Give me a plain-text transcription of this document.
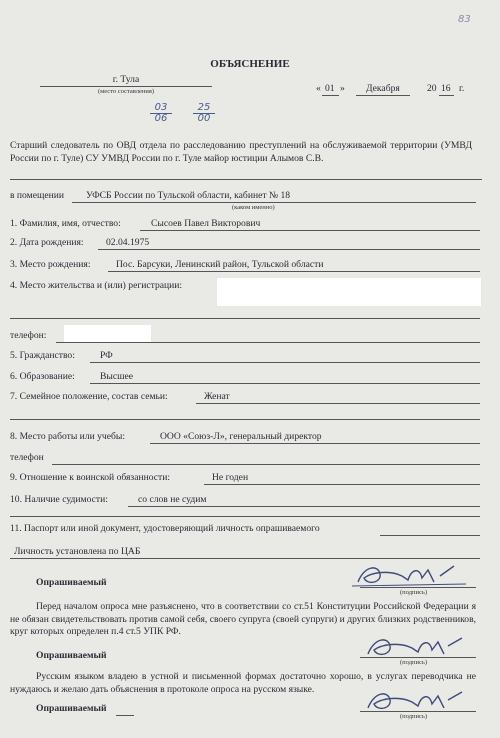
83
ОБЪЯСНЕНИЕ
г. Тула
(место составления)	« 01 » Декабря	20 16 г.
03
06
25
00
Старший следователь по ОВД отдела по расследованию преступлений на обслуживаемой территории (УМВД России по г. Туле) СУ УМВД России по г. Туле майор юстиции Алымов С.В.
в помещении УФСБ России по Тульской области, кабинет № 18
(каком именно)
1. Фамилия, имя, отчество:	Сысоев Павел Викторович
2. Дата рождения: 02.04.1975
3. Место рождения:	Пос. Барсуки, Ленинский район, Тульской области
4. Место жительства и (или) регистрации:
телефон:
5. Гражданство:	РФ
6. Образование:	Высшее
7. Семейное положение, состав семьи:	Женат
8. Место работы или учебы:	ООО «Союз-Л», генеральный директор
телефон
9. Отношение к воинской обязанности:	Не годен
10. Наличие судимости:	со слов не судим
11. Паспорт или иной документ, удостоверяющий личность опрашиваемого
Личность установлена по ЦАБ
Опрашиваемый
(подпись)
Перед началом опроса мне разъяснено, что в соответствии со ст.51 Конституции Российской Федерации я не обязан свидетельствовать против самой себя, своего супруга (своей супруги) и других близких родственников, круг которых определен п.4 ст.5 УПК РФ.
Опрашиваемый
(подпись)
Русским языком владею в устной и письменной формах достаточно хорошо, в услугах переводчика не нуждаюсь и желаю дать объяснения в протоколе опроса на русском языке.
Опрашиваемый
(подпись)
